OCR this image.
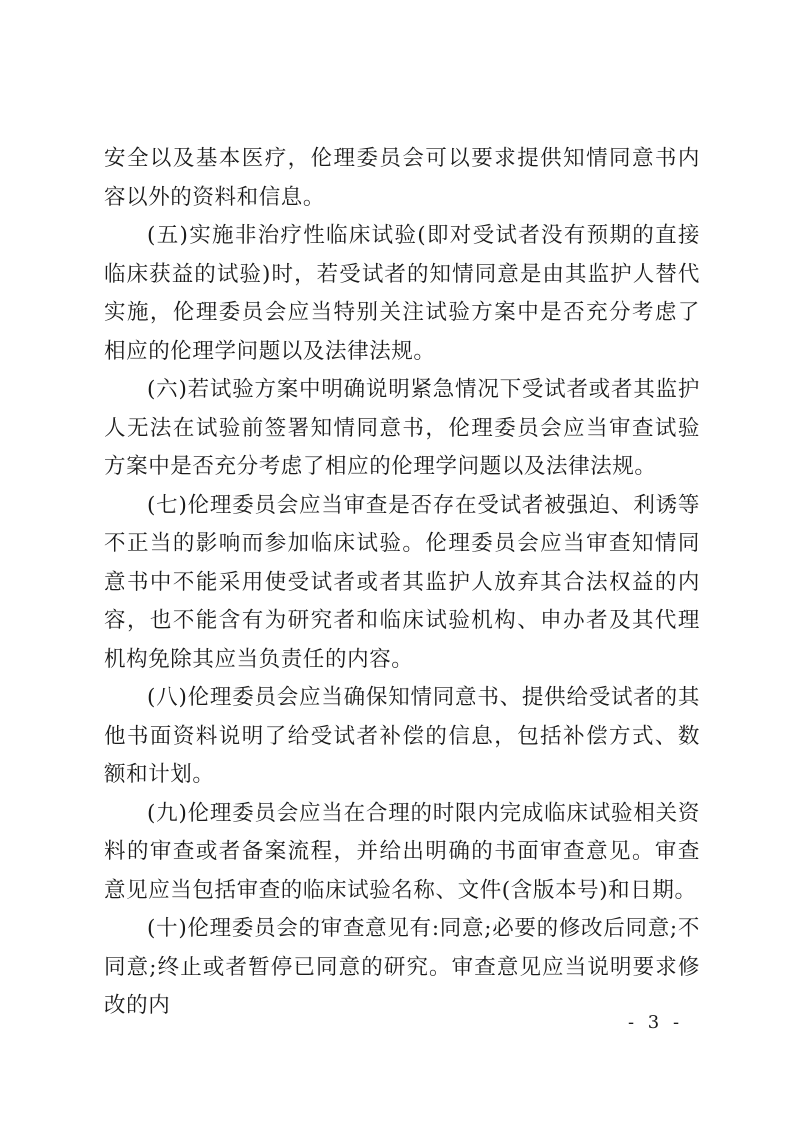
安全以及基本医疗，伦理委员会可以要求提供知情同意书内容以外的资料和信息。

(五)实施非治疗性临床试验(即对受试者没有预期的直接临床获益的试验)时，若受试者的知情同意是由其监护人替代实施，伦理委员会应当特别关注试验方案中是否充分考虑了相应的伦理学问题以及法律法规。

(六)若试验方案中明确说明紧急情况下受试者或者其监护人无法在试验前签署知情同意书，伦理委员会应当审查试验方案中是否充分考虑了相应的伦理学问题以及法律法规。

(七)伦理委员会应当审查是否存在受试者被强迫、利诱等不正当的影响而参加临床试验。伦理委员会应当审查知情同意书中不能采用使受试者或者其监护人放弃其合法权益的内容，也不能含有为研究者和临床试验机构、申办者及其代理机构免除其应当负责任的内容。

(八)伦理委员会应当确保知情同意书、提供给受试者的其他书面资料说明了给受试者补偿的信息，包括补偿方式、数额和计划。

(九)伦理委员会应当在合理的时限内完成临床试验相关资料的审查或者备案流程，并给出明确的书面审查意见。审查意见应当包括审查的临床试验名称、文件(含版本号)和日期。

(十)伦理委员会的审查意见有:同意;必要的修改后同意;不同意;终止或者暂停已同意的研究。审查意见应当说明要求修改的内

- 3 -
